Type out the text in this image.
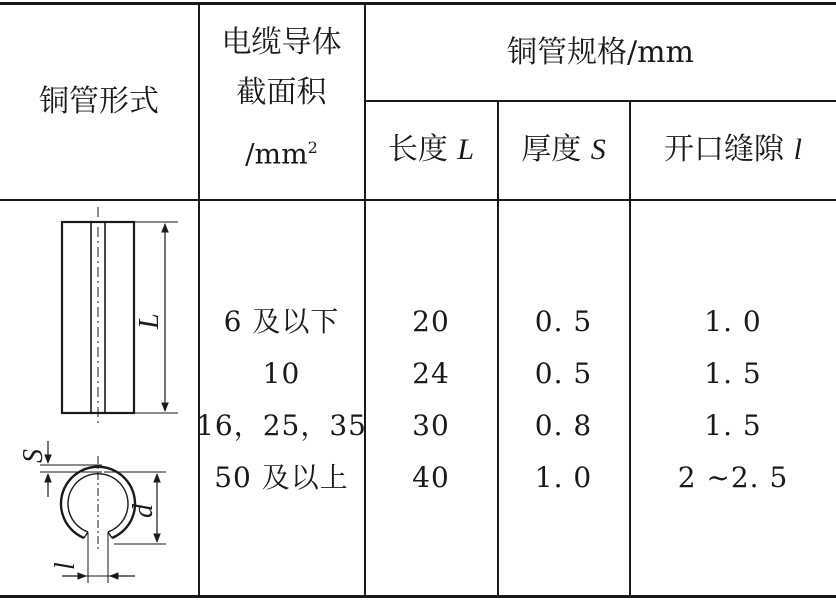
铜管形式
电缆导体
截面积
$/mm^2$
铜管规格/mm
长度
L 厚度
S 开口缝隙
l
6 及以下
10
16，25，35
50 及以上
20
24
30
40
0. 5
0. 5
0. 8
1. 0
1. 0
1. 5
1. 5
2 ~2. 5
L
S
d
l
